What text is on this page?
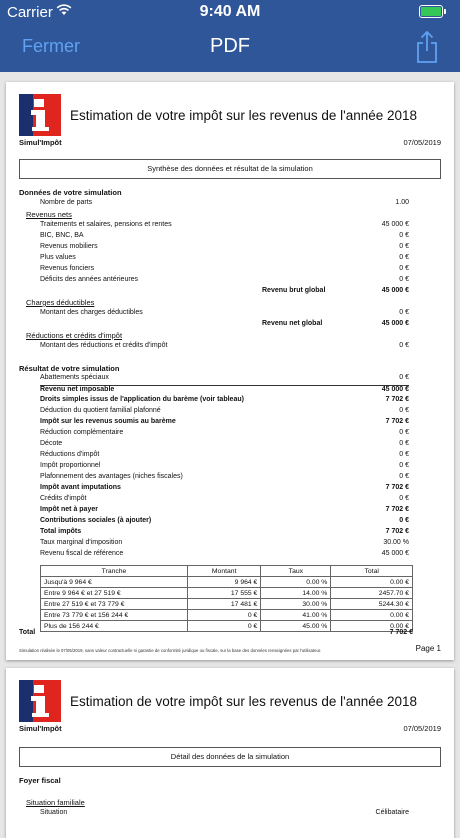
Carrier	9:40 AM
Fermer	PDF
Estimation de votre impôt sur les revenus de l'année 2018
Simul'Impôt	07/05/2019
Synthèse des données et résultat de la simulation
Données de votre simulation
Nombre de parts	1.00
Revenus nets
Traitements et salaires, pensions et rentes	45 000 €
BIC, BNC, BA	0 €
Revenus mobiliers	0 €
Plus values	0 €
Revenus fonciers	0 €
Déficits des années antérieures	0 €
Revenu brut global	45 000 €
Charges déductibles
Montant des charges déductibles	0 €
Revenu net global	45 000 €
Réductions et crédits d'impôt
Montant des réductions et crédits d'impôt	0 €
Résultat de votre simulation
Abattements spéciaux	0 €
Revenu net imposable	45 000 €
Droits simples issus de l'application du barème (voir tableau)	7 702 €
Déduction du quotient familial plafonné	0 €
Impôt sur les revenus soumis au barème	7 702 €
Réduction complémentaire	0 €
Décote	0 €
Réductions d'impôt	0 €
Impôt proportionnel	0 €
Plafonnement des avantages (niches fiscales)	0 €
Impôt avant imputations	7 702 €
Crédits d'impôt	0 €
Impôt net à payer	7 702 €
Contributions sociales (à ajouter)	0 €
Total impôts	7 702 €
Taux marginal d'imposition	30.00 %
Revenu fiscal de référence	45 000 €
Tranche	Montant	Taux	Total
Jusqu'à 9 964 €	9 964 €	0.00 %	0.00 €
Entre 9 964 € et 27 519 €	17 555 €	14.00 %	2457.70 €
Entre 27 519 € et 73 779 €	17 481 €	30.00 %	5244.30 €
Entre 73 779 € et 156 244 €	0 €	41.00 %	0.00 €
Plus de 156 244 €	0 €	45.00 %	0.00 €
Total	7 702 €
Simulation réalisée le 07/05/2019, sans valeur contractuelle ni garantie de conformité juridique ou fiscale, sur la base des données renseignées par l'utilisateur.	Page 1
Estimation de votre impôt sur les revenus de l'année 2018
Simul'Impôt	07/05/2019
Détail des données de la simulation
Foyer fiscal
Situation familiale
Situation	Célibataire
